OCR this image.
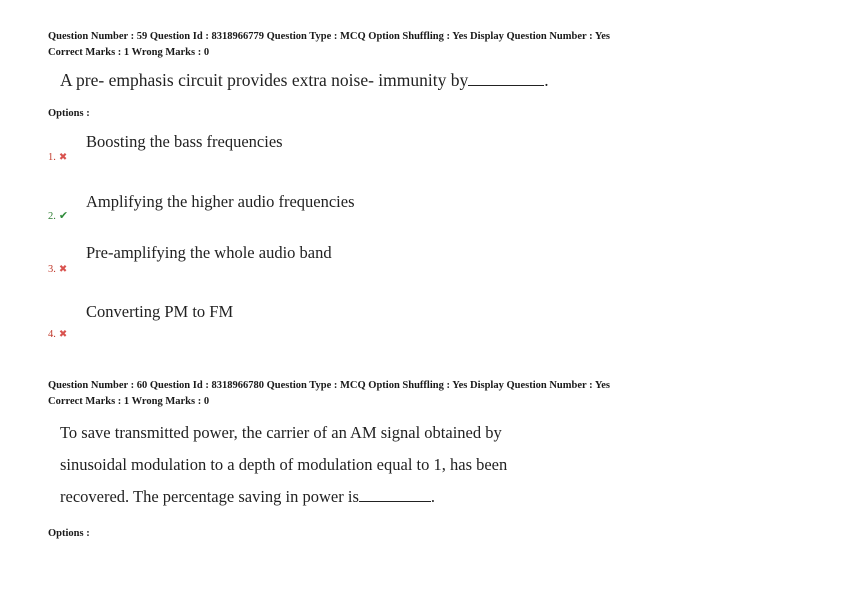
Question Number : 59 Question Id : 8318966779 Question Type : MCQ Option Shuffling : Yes Display Question Number : Yes
Correct Marks : 1 Wrong Marks : 0
A pre- emphasis circuit provides extra noise- immunity by	.
Options :
Boosting the bass frequencies
1. ✖
Amplifying the higher audio frequencies
2. ✔
Pre-amplifying the whole audio band
3. ✖
Converting PM to FM
4. ✖
Question Number : 60 Question Id : 8318966780 Question Type : MCQ Option Shuffling : Yes Display Question Number : Yes
Correct Marks : 1 Wrong Marks : 0
To save transmitted power, the carrier of an AM signal obtained by
sinusoidal modulation to a depth of modulation equal to 1, has been
recovered. The percentage saving in power is	.
Options :
